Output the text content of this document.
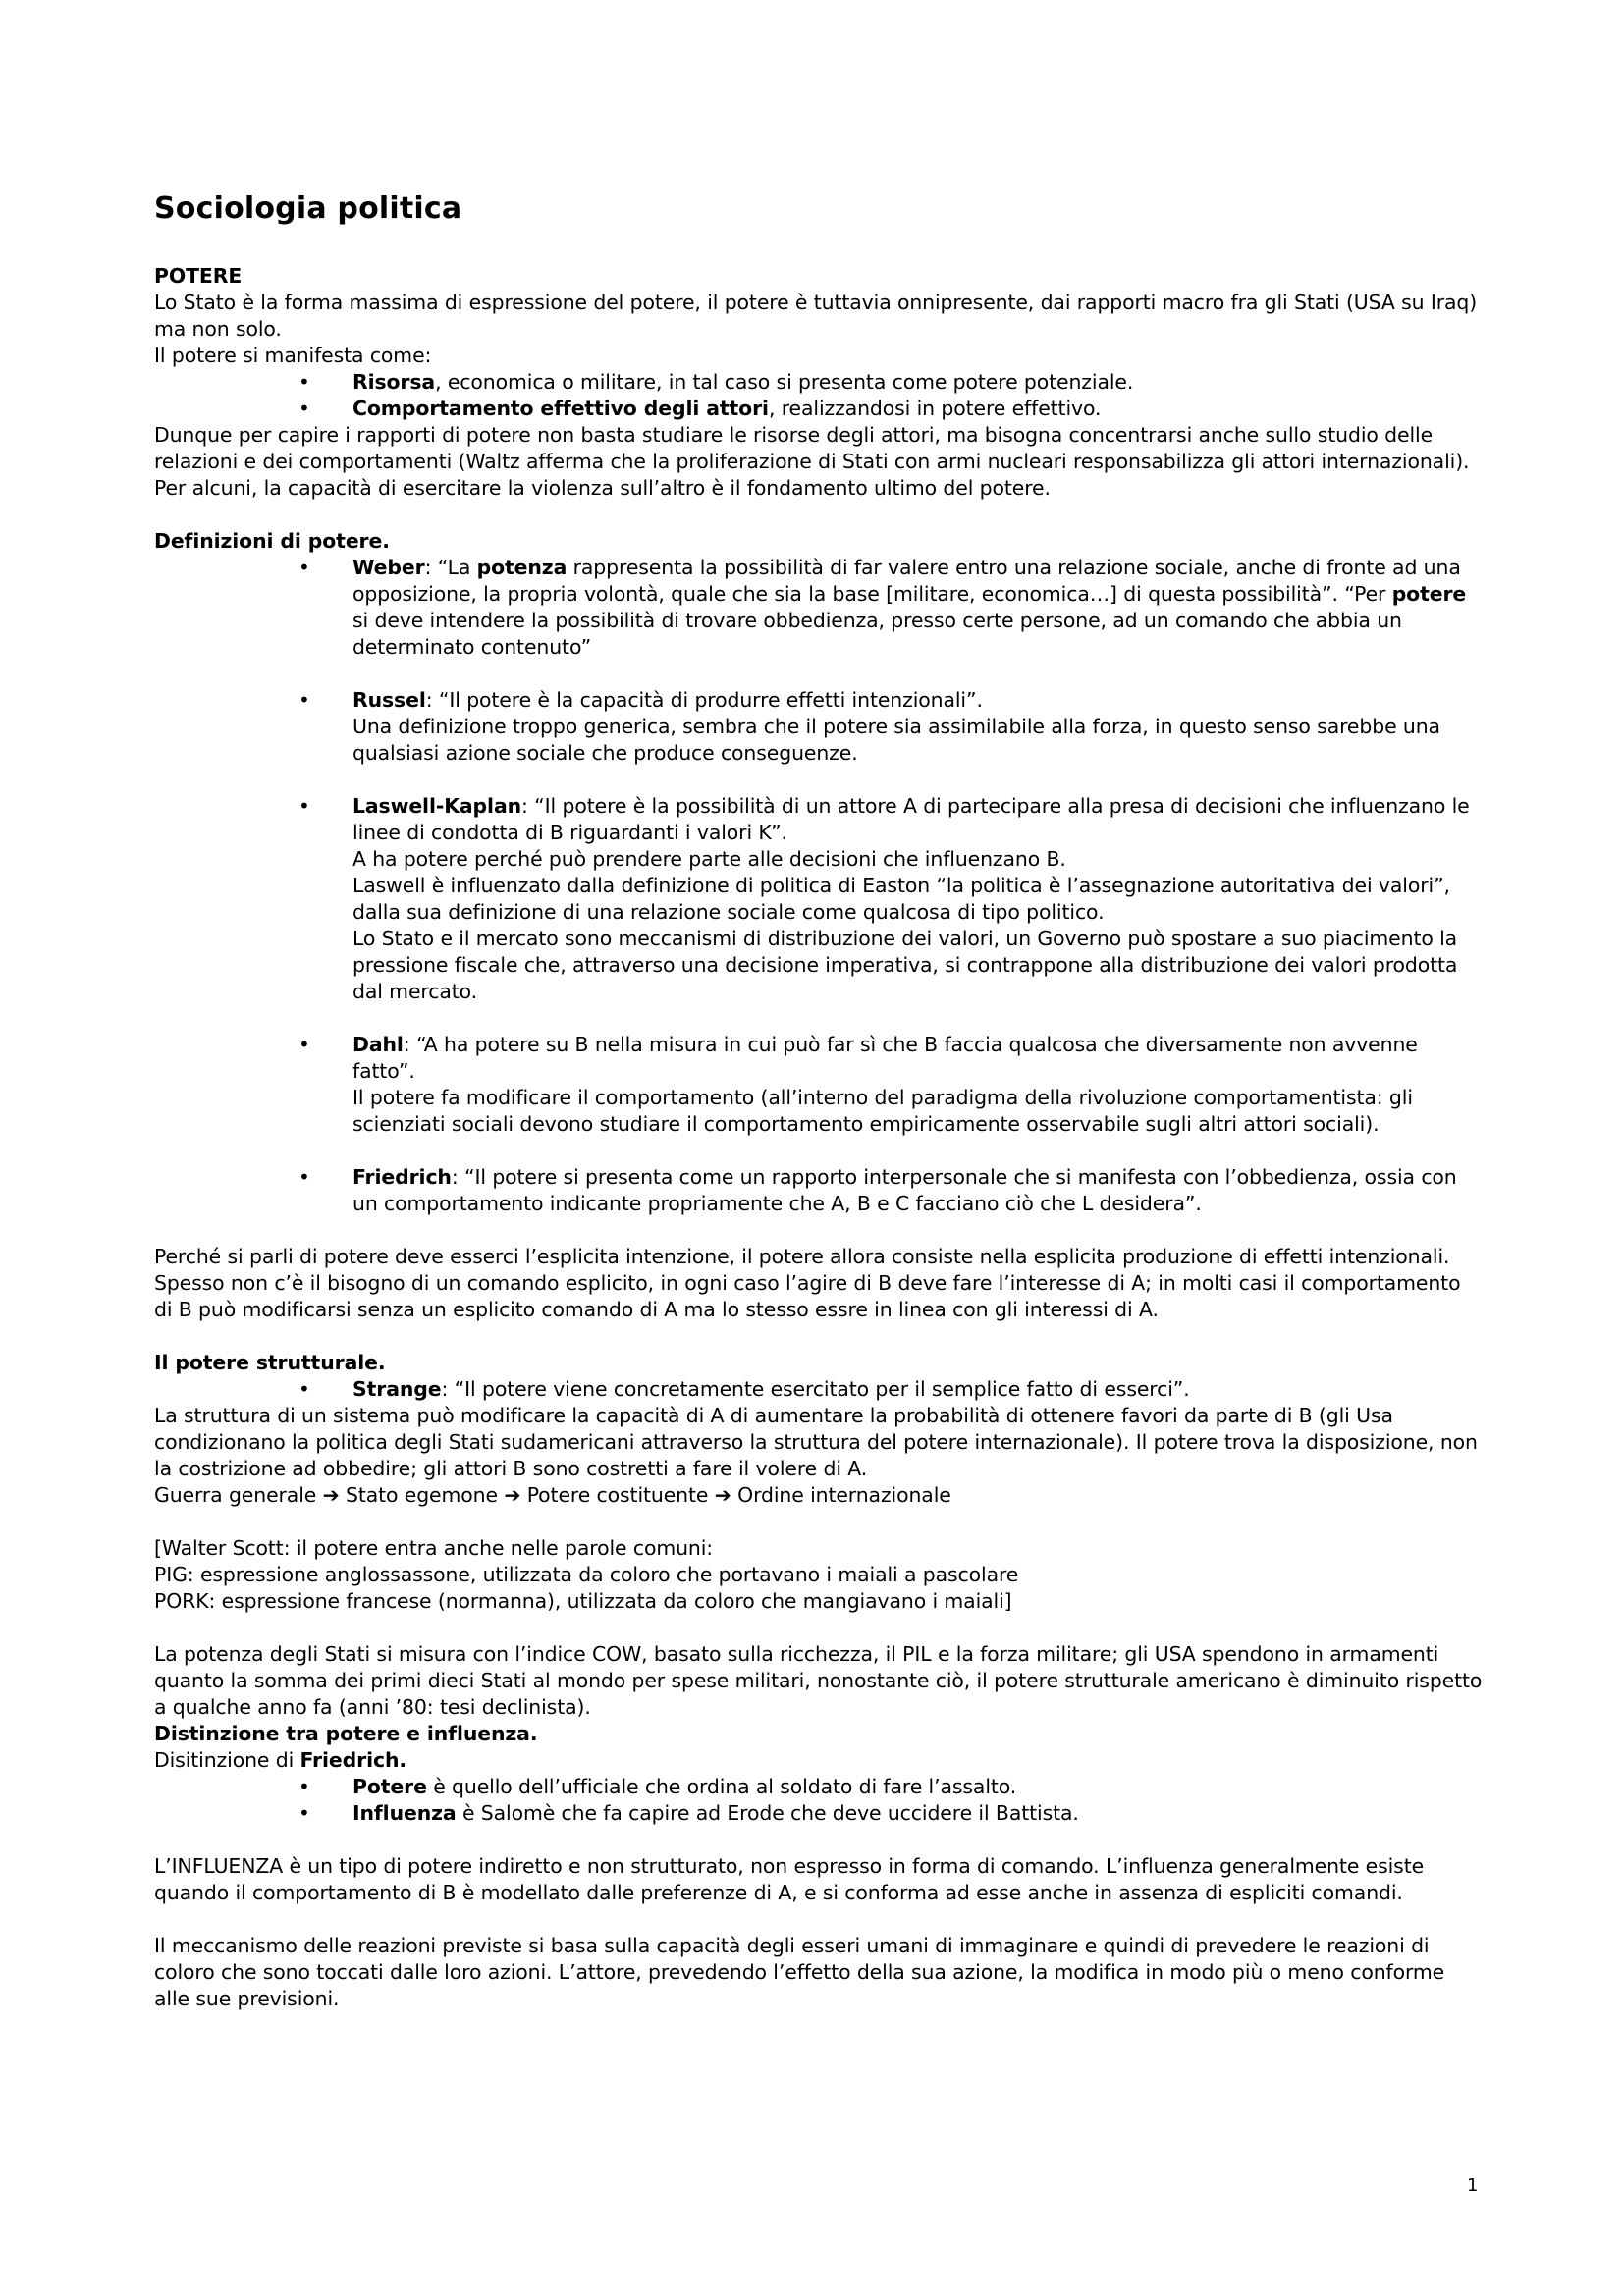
Sociologia politica

POTERE

Lo Stato è la forma massima di espressione del potere, il potere è tuttavia onnipresente, dai rapporti macro fra gli Stati (USA su Iraq) ma non solo.

Il potere si manifesta come:

• Risorsa, economica o militare, in tal caso si presenta come potere potenziale.
• Comportamento effettivo degli attori, realizzandosi in potere effettivo.

Dunque per capire i rapporti di potere non basta studiare le risorse degli attori, ma bisogna concentrarsi anche sullo studio delle relazioni e dei comportamenti (Waltz afferma che la proliferazione di Stati con armi nucleari responsabilizza gli attori internazionali).

Per alcuni, la capacità di esercitare la violenza sull’altro è il fondamento ultimo del potere.

Definizioni di potere.

• Weber: “La potenza rappresenta la possibilità di far valere entro una relazione sociale, anche di fronte ad una opposizione, la propria volontà, quale che sia la base [militare, economica…] di questa possibilità”. “Per potere si deve intendere la possibilità di trovare obbedienza, presso certe persone, ad un comando che abbia un determinato contenuto”
• Russel: “Il potere è la capacità di produrre effetti intenzionali”.

Una definizione troppo generica, sembra che il potere sia assimilabile alla forza, in questo senso sarebbe una qualsiasi azione sociale che produce conseguenze.

• Laswell-Kaplan: “Il potere è la possibilità di un attore A di partecipare alla presa di decisioni che influenzano le linee di condotta di B riguardanti i valori K”.

A ha potere perché può prendere parte alle decisioni che influenzano B.

Laswell è influenzato dalla definizione di politica di Easton “la politica è l’assegnazione autoritativa dei valori”, dalla sua definizione di una relazione sociale come qualcosa di tipo politico.

Lo Stato e il mercato sono meccanismi di distribuzione dei valori, un Governo può spostare a suo piacimento la pressione fiscale che, attraverso una decisione imperativa, si contrappone alla distribuzione dei valori prodotta dal mercato.

• Dahl: “A ha potere su B nella misura in cui può far sì che B faccia qualcosa che diversamente non avvenne fatto”.

Il potere fa modificare il comportamento (all’interno del paradigma della rivoluzione comportamentista: gli scienziati sociali devono studiare il comportamento empiricamente osservabile sugli altri attori sociali).

• Friedrich: “Il potere si presenta come un rapporto interpersonale che si manifesta con l’obbedienza, ossia con un comportamento indicante propriamente che A, B e C facciano ciò che L desidera”.

Perché si parli di potere deve esserci l’esplicita intenzione, il potere allora consiste nella esplicita produzione di effetti intenzionali.

Spesso non c’è il bisogno di un comando esplicito, in ogni caso l’agire di B deve fare l’interesse di A; in molti casi il comportamento di B può modificarsi senza un esplicito comando di A ma lo stesso essre in linea con gli interessi di A.

Il potere strutturale.

• Strange: “Il potere viene concretamente esercitato per il semplice fatto di esserci”.

La struttura di un sistema può modificare la capacità di A di aumentare la probabilità di ottenere favori da parte di B (gli Usa condizionano la politica degli Stati sudamericani attraverso la struttura del potere internazionale). Il potere trova la disposizione, non la costrizione ad obbedire; gli attori B sono costretti a fare il volere di A.

Guerra generale ➔ Stato egemone ➔ Potere costituente ➔ Ordine internazionale

[Walter Scott: il potere entra anche nelle parole comuni:

PIG: espressione anglossassone, utilizzata da coloro che portavano i maiali a pascolare

PORK: espressione francese (normanna), utilizzata da coloro che mangiavano i maiali]

La potenza degli Stati si misura con l’indice COW, basato sulla ricchezza, il PIL e la forza militare; gli USA spendono in armamenti quanto la somma dei primi dieci Stati al mondo per spese militari, nonostante ciò, il potere strutturale americano è diminuito rispetto a qualche anno fa (anni ’80: tesi declinista).

Distinzione tra potere e influenza.

Disitinzione di Friedrich.

• Potere è quello dell’ufficiale che ordina al soldato di fare l’assalto.
• Influenza è Salomè che fa capire ad Erode che deve uccidere il Battista.

L’INFLUENZA è un tipo di potere indiretto e non strutturato, non espresso in forma di comando. L’influenza generalmente esiste quando il comportamento di B è modellato dalle preferenze di A, e si conforma ad esse anche in assenza di espliciti comandi.

Il meccanismo delle reazioni previste si basa sulla capacità degli esseri umani di immaginare e quindi di prevedere le reazioni di coloro che sono toccati dalle loro azioni. L’attore, prevedendo l’effetto della sua azione, la modifica in modo più o meno conforme alle sue previsioni.

1
